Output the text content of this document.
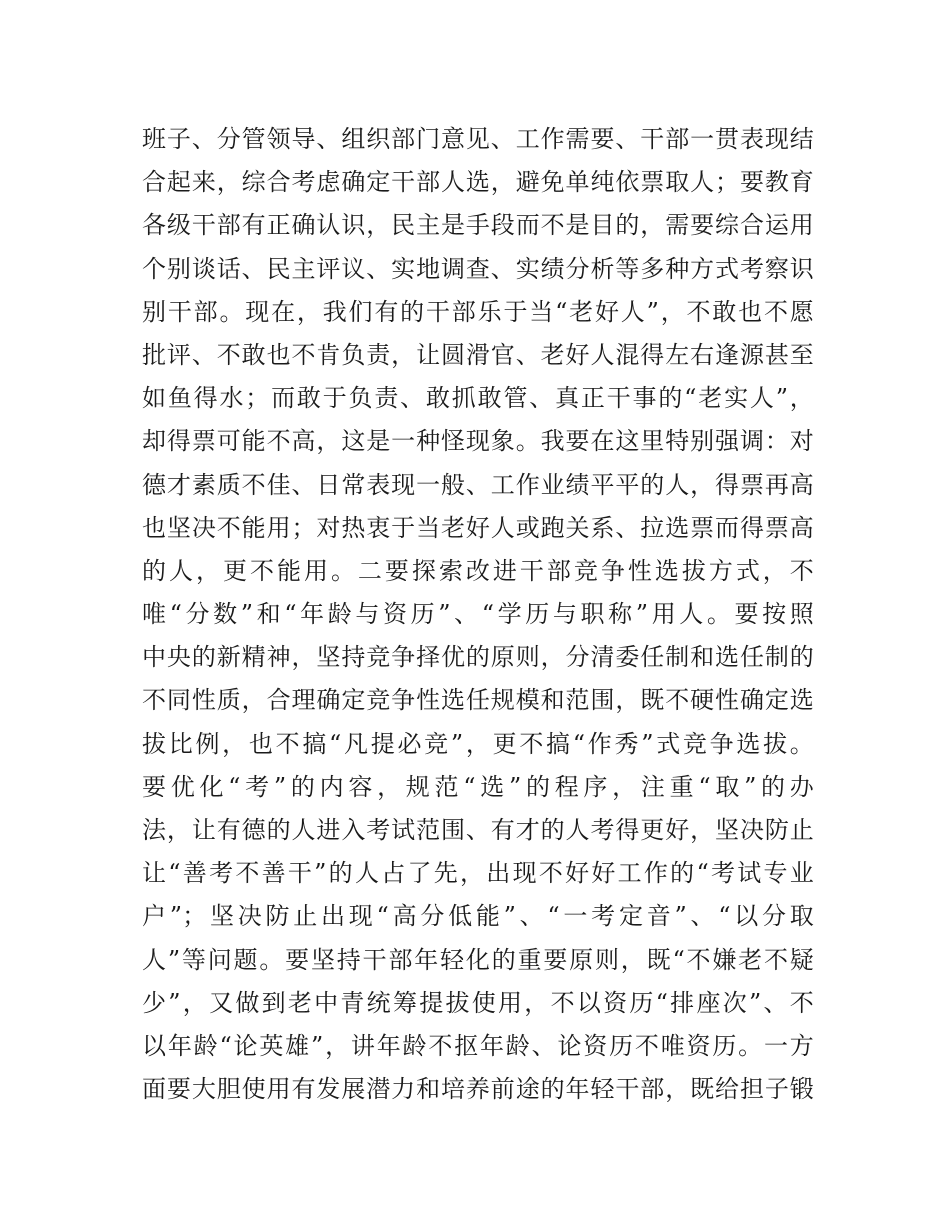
班子、分管领导、组织部门意见、工作需要、干部一贯表现结
合起来，综合考虑确定干部人选，避免单纯依票取人；要教育
各级干部有正确认识，民主是手段而不是目的，需要综合运用
个别谈话、民主评议、实地调查、实绩分析等多种方式考察识
别干部。现在，我们有的干部乐于当“老好人”，不敢也不愿
批评、不敢也不肯负责，让圆滑官、老好人混得左右逢源甚至
如鱼得水；而敢于负责、敢抓敢管、真正干事的“老实人”，
却得票可能不高，这是一种怪现象。我要在这里特别强调：对
德才素质不佳、日常表现一般、工作业绩平平的人，得票再高
也坚决不能用；对热衷于当老好人或跑关系、拉选票而得票高
的人，更不能用。二要探索改进干部竞争性选拔方式，不
唯“分数”和“年龄与资历”、“学历与职称”用人。要按照
中央的新精神，坚持竞争择优的原则，分清委任制和选任制的
不同性质，合理确定竞争性选任规模和范围，既不硬性确定选
拔比例，也不搞“凡提必竞”，更不搞“作秀”式竞争选拔。
要优化“考”的内容，规范“选”的程序，注重“取”的办
法，让有德的人进入考试范围、有才的人考得更好，坚决防止
让“善考不善干”的人占了先，出现不好好工作的“考试专业
户”；坚决防止出现“高分低能”、“一考定音”、“以分取
人”等问题。要坚持干部年轻化的重要原则，既“不嫌老不疑
少”，又做到老中青统筹提拔使用，不以资历“排座次”、不
以年龄“论英雄”，讲年龄不抠年龄、论资历不唯资历。一方
面要大胆使用有发展潜力和培养前途的年轻干部，既给担子锻
